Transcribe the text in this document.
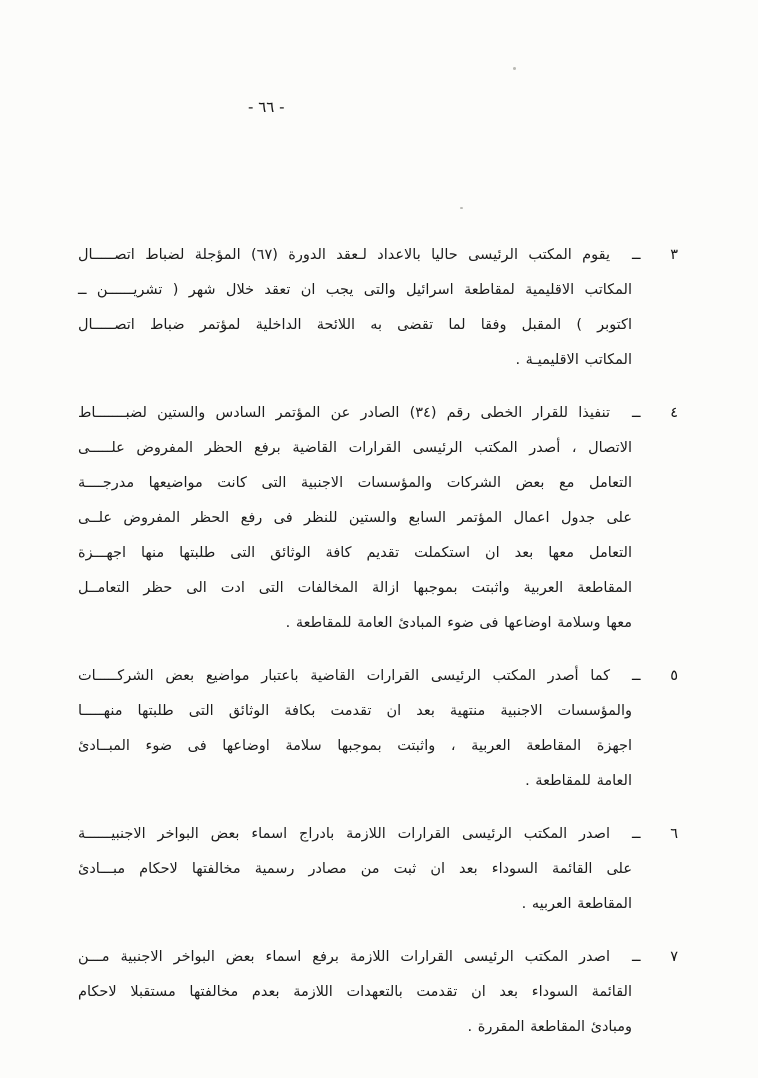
- ٦٦ -
٣
ــ
يقوم المكتب الرئيسى حاليا بالاعداد لـعقد الدورة (٦٧) المؤجلة لضباط اتصـــــال
المكاتب الاقليمية لمقاطعة اسرائيل والتى يجب ان تعقد خلال شهر ( تشريــــــن ــ
اكتوبر ) المقبل وفقا لما تقضى به اللائحة الداخلية لمؤتمر ضباط اتصـــــال
المكاتب الاقليميـة .
٤
ــ
تنفيذا للقرار الخطى رقم (٣٤) الصادر عن المؤتمر السادس والستين لضبـــــــاط
الاتصال ، أصدر المكتب الرئيسى القرارات القاضية برفع الحظر المفروض علـــــى
التعامل مع بعض الشركات والمؤسسات الاجنبية التى كانت مواضيعها مدرجــــة
على جدول اعمال المؤتمر السابع والستين للنظر فى رفع الحظر المفروض علــى
التعامل معها بعد ان استكملت تقديم كافة الوثائق التى طلبتها منها اجهـــزة
المقاطعة العربية واثبتت بموجبها ازالة المخالفات التى ادت الى حظر التعامــل
معها وسلامة اوضاعها فى ضوء المبادئ العامة للمقاطعة .
٥
ــ
كما أصدر المكتب الرئيسى القرارات القاضية باعتبار مواضيع بعض الشركـــــات
والمؤسسات الاجنبية منتهية بعد ان تقدمت بكافة الوثائق التى طلبتها منهـــــا
اجهزة المقاطعة العربية ، واثبتت بموجبها سلامة اوضاعها فى ضوء المبــادئ
العامة للمقاطعة .
٦
ــ
اصدر المكتب الرئيسى القرارات اللازمة بادراج اسماء بعض البواخر الاجنبيــــــة
على القائمة السوداء بعد ان ثبت من مصادر رسمية مخالفتها لاحكام مبـــادئ
المقاطعة العربيه .
٧
ــ
اصدر المكتب الرئيسى القرارات اللازمة برفع اسماء بعض البواخر الاجنبية مـــن
القائمة السوداء بعد ان تقدمت بالتعهدات اللازمة بعدم مخالفتها مستقبلا لاحكام
ومبادئ المقاطعة المقررة .
